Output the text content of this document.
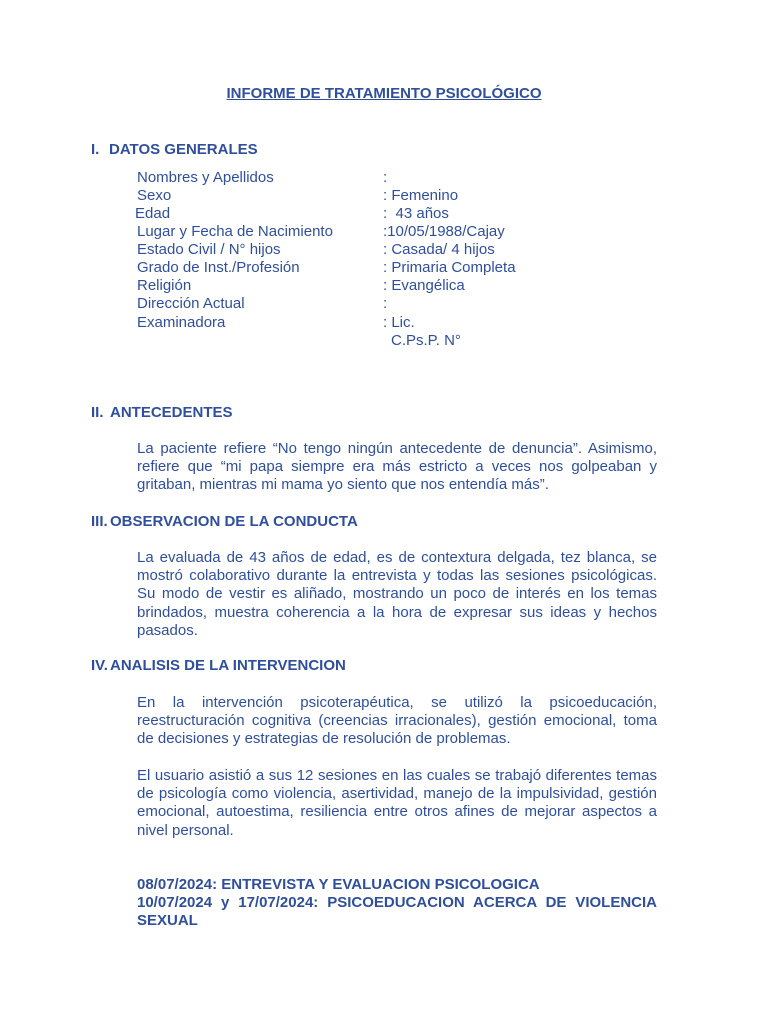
INFORME DE TRATAMIENTO PSICOLÓGICO
I. DATOS GENERALES
Nombres y Apellidos	:
Sexo	: Femenino
Edad	:  43 años
Lugar y Fecha de Nacimiento	:10/05/1988/Cajay
Estado Civil / N° hijos	: Casada/ 4 hijos
Grado de Inst./Profesión	: Primaria Completa
Religión	: Evangélica
Dirección Actual	:
Examinadora	: Lic.
C.Ps.P. N°
II. ANTECEDENTES
La paciente refiere “No tengo ningún antecedente de denuncia”. Asimismo, refiere que “mi papa siempre era más estricto a veces nos golpeaban y gritaban, mientras mi mama yo siento que nos entendía más”.
III. OBSERVACION DE LA CONDUCTA
La evaluada de 43 años de edad, es de contextura delgada, tez blanca, se mostró colaborativo durante la entrevista y todas las sesiones psicológicas. Su modo de vestir es aliñado, mostrando un poco de interés en los temas brindados, muestra coherencia a la hora de expresar sus ideas y hechos pasados.
IV. ANALISIS DE LA INTERVENCION
En la intervención psicoterapéutica, se utilizó la psicoeducación, reestructuración cognitiva (creencias irracionales), gestión emocional, toma de decisiones y estrategias de resolución de problemas.
El usuario asistió a sus 12 sesiones en las cuales se trabajó diferentes temas de psicología como violencia, asertividad, manejo de la impulsividad, gestión emocional, autoestima, resiliencia entre otros afines de mejorar aspectos a nivel personal.
08/07/2024: ENTREVISTA Y EVALUACION PSICOLOGICA
10/07/2024 y 17/07/2024: PSICOEDUCACION ACERCA DE VIOLENCIA SEXUAL
